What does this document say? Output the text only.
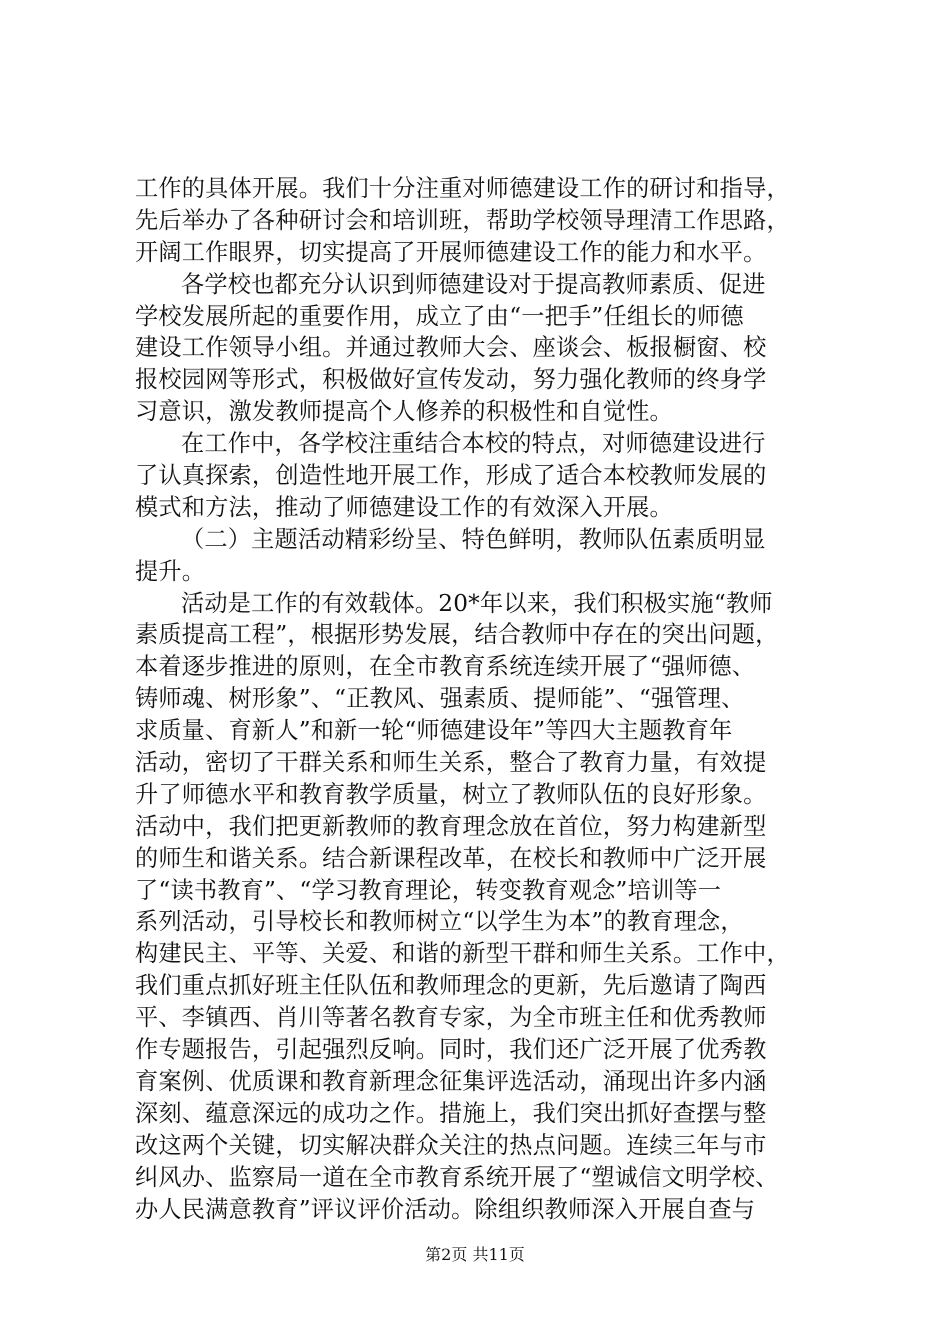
工作的具体开展。我们十分注重对师德建设工作的研讨和指导，
先后举办了各种研讨会和培训班，帮助学校领导理清工作思路，
开阔工作眼界，切实提高了开展师德建设工作的能力和水平。
各学校也都充分认识到师德建设对于提高教师素质、促进
学校发展所起的重要作用，成立了由“一把手”任组长的师德
建设工作领导小组。并通过教师大会、座谈会、板报橱窗、校
报校园网等形式，积极做好宣传发动，努力强化教师的终身学
习意识，激发教师提高个人修养的积极性和自觉性。
在工作中，各学校注重结合本校的特点，对师德建设进行
了认真探索，创造性地开展工作，形成了适合本校教师发展的
模式和方法，推动了师德建设工作的有效深入开展。
（二）主题活动精彩纷呈、特色鲜明，教师队伍素质明显
提升。
活动是工作的有效载体。20*年以来，我们积极实施“教师
素质提高工程”，根据形势发展，结合教师中存在的突出问题，
本着逐步推进的原则，在全市教育系统连续开展了“强师德、
铸师魂、树形象”、“正教风、强素质、提师能”、“强管理、
求质量、育新人”和新一轮“师德建设年”等四大主题教育年
活动，密切了干群关系和师生关系，整合了教育力量，有效提
升了师德水平和教育教学质量，树立了教师队伍的良好形象。
活动中，我们把更新教师的教育理念放在首位，努力构建新型
的师生和谐关系。结合新课程改革，在校长和教师中广泛开展
了“读书教育”、“学习教育理论，转变教育观念”培训等一
系列活动，引导校长和教师树立“以学生为本”的教育理念，
构建民主、平等、关爱、和谐的新型干群和师生关系。工作中，
我们重点抓好班主任队伍和教师理念的更新，先后邀请了陶西
平、李镇西、肖川等著名教育专家，为全市班主任和优秀教师
作专题报告，引起强烈反响。同时，我们还广泛开展了优秀教
育案例、优质课和教育新理念征集评选活动，涌现出许多内涵
深刻、蕴意深远的成功之作。措施上，我们突出抓好查摆与整
改这两个关键，切实解决群众关注的热点问题。连续三年与市
纠风办、监察局一道在全市教育系统开展了“塑诚信文明学校、
办人民满意教育”评议评价活动。除组织教师深入开展自查与
第2页 共11页
